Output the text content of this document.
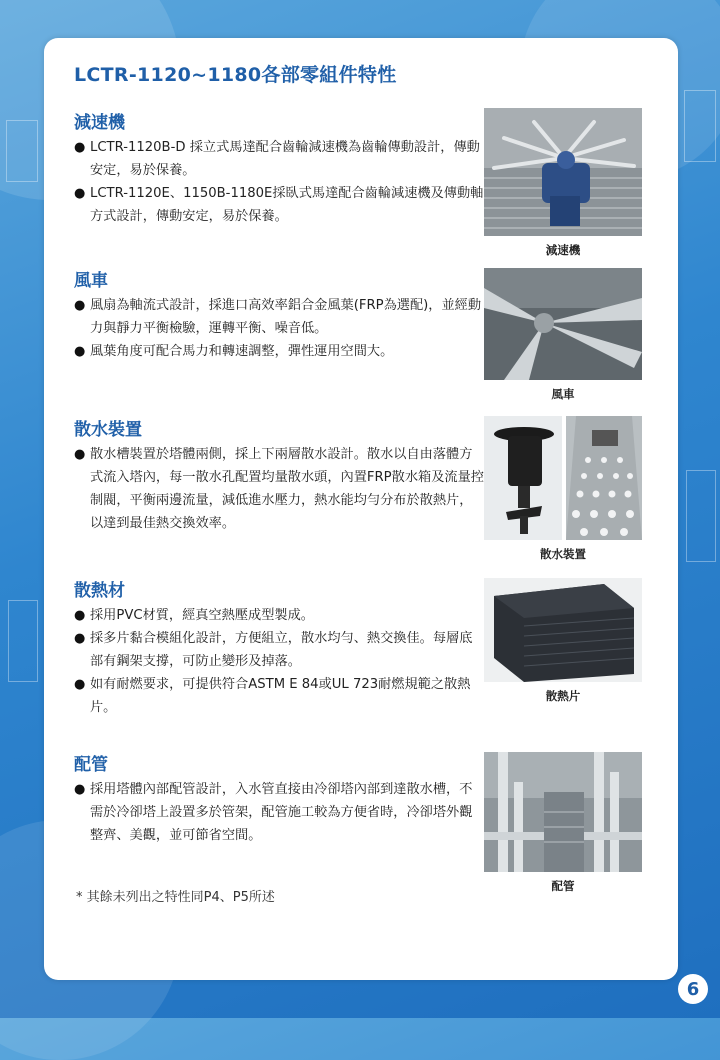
LCTR-1120~1180各部零組件特性
減速機
● LCTR-1120B-D 採立式馬達配合齒輪減速機為齒輪傳動設計，傳動安定，易於保養。
● LCTR-1120E、1150B-1180E採臥式馬達配合齒輪減速機及傳動軸方式設計，傳動安定，易於保養。
減速機
風車
● 風扇為軸流式設計，採進口高效率鋁合金風葉(FRP為選配)，並經動力與靜力平衡檢驗，運轉平衡、噪音低。
● 風葉角度可配合馬力和轉速調整，彈性運用空間大。
風車
散水裝置
● 散水槽裝置於塔體兩側，採上下兩層散水設計。散水以自由落體方式流入塔內，每一散水孔配置均量散水頭，內置FRP散水箱及流量控制閥，平衡兩邊流量，減低進水壓力，熱水能均勻分布於散熱片，以達到最佳熱交換效率。
散水裝置
散熱材
● 採用PVC材質，經真空熱壓成型製成。
● 採多片黏合模組化設計，方便組立，散水均勻、熱交換佳。每層底部有鋼架支撐，可防止變形及掉落。
● 如有耐燃要求，可提供符合ASTM E 84或UL 723耐燃規範之散熱片。
散熱片
配管
● 採用塔體內部配管設計，入水管直接由冷卻塔內部到達散水槽，不需於冷卻塔上設置多於管架，配管施工較為方便省時，冷卻塔外觀整齊、美觀，並可節省空間。
配管
* 其餘未列出之特性同P4、P5所述
6
